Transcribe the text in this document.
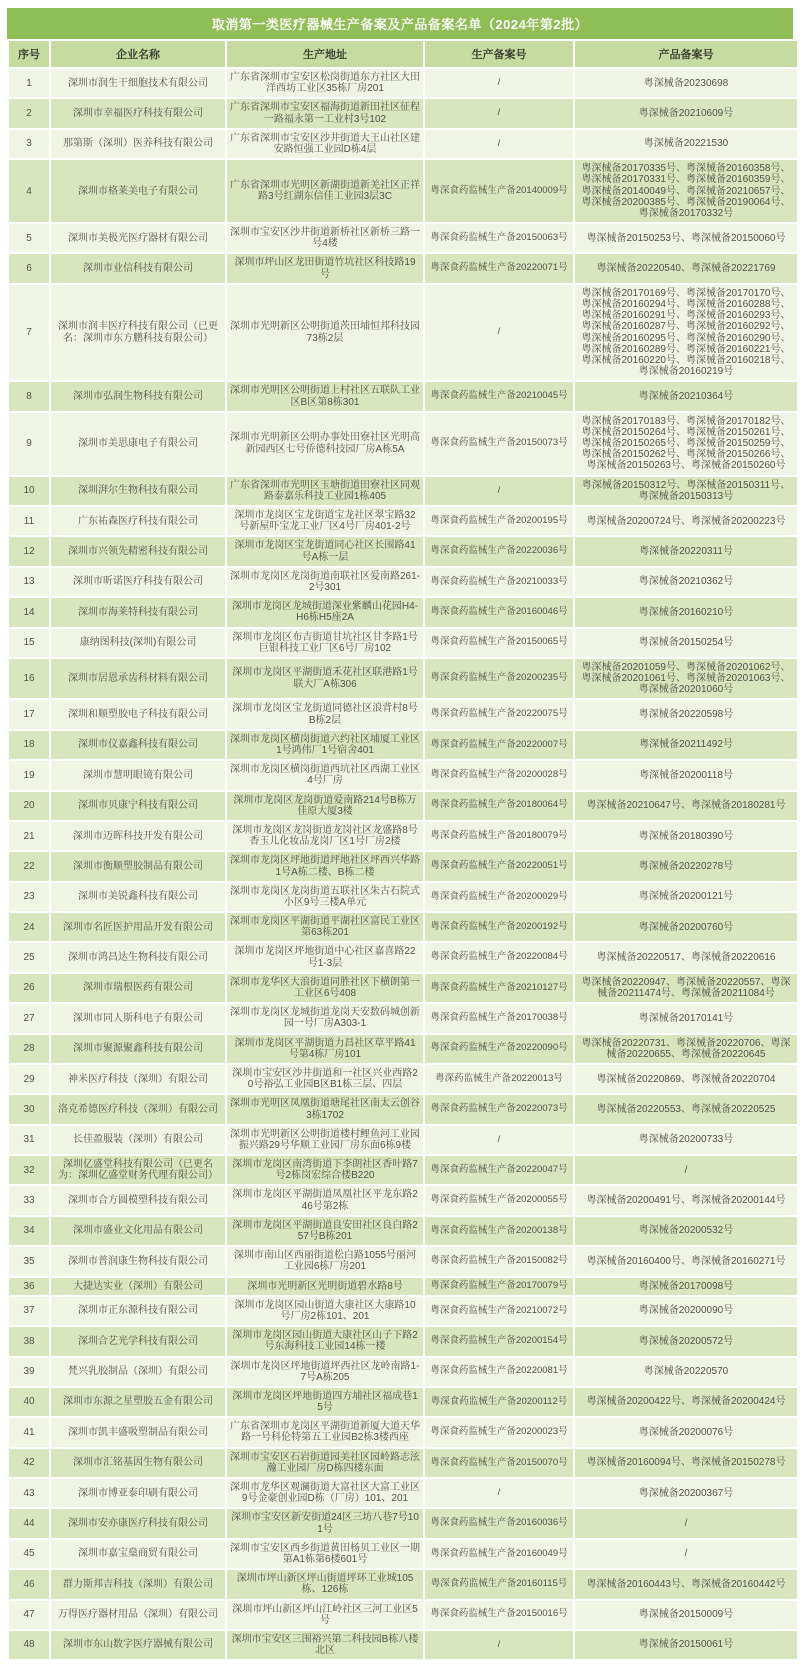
取消第一类医疗器械生产备案及产品备案名单（2024年第2批）
序号	企业名称	生产地址	生产备案号	产品备案号
1	深圳市润生干细胞技术有限公司	广东省深圳市宝安区松岗街道东方社区大田洋西坊工业区35栋厂房201	/	粤深械备20230698
2	深圳市幸福医疗科技有限公司	广东省深圳市宝安区福海街道新田社区征程一路福永第一工业村3号102	/	粤深械备20210609号
3	那第斯（深圳）医养科技有限公司	广东省深圳市宝安区沙井街道大王山社区建安路恒强工业园D栋4层	/	粤深械备20221530
4	深圳市格莱美电子有限公司	广东省深圳市光明区新湖街道新羌社区正祥路3号红湖东信佳工业园3层3C	粤深食药监械生产备20140009号	粤深械备20170335号、粤深械备20160358号、粤深械备20170331号、粤深械备20160359号、粤深械备20140049号、粤深械备20210657号、粤深械备20200385号、粤深械备20190064号、粤深械备20170332号
5	深圳市美极光医疗器材有限公司	深圳市宝安区沙井街道新桥社区新桥三路一号4楼	粤深食药监械生产备20150063号	粤深械备20150253号、粤深械备20150060号
6	深圳市业信科技有限公司	深圳市坪山区龙田街道竹坑社区科技路19号	粤深食药监械生产备20220071号	粤深械备20220540、粤深械备20221769
7	深圳市润丰医疗科技有限公司（已更名：深圳市东方鹏科技有限公司）	深圳市光明新区公明街道茨田埔恒邦科技园73栋2层	/	粤深械备20170169号、粤深械备20170170号、粤深械备20160294号、粤深械备20160288号、粤深械备20160291号、粤深械备20160293号、粤深械备20160287号、粤深械备20160292号、粤深械备20160295号、粤深械备20160290号、粤深械备20160289号、粤深械备20160221号、粤深械备20160220号、粤深械备20160218号、粤深械备20160219号
8	深圳市弘润生物科技有限公司	深圳市光明区公明街道上村社区五联队工业区B区第8栋301	粤深食药监械生产备20210045号	粤深械备20210364号
9	深圳市美思康电子有限公司	深圳市光明新区公明办事处田寮社区光明高新园西区七号侨德科技园厂房A栋5A	粤深食药监械生产备20150073号	粤深械备20170183号、粤深械备20170182号、粤深械备20150264号、粤深械备20150261号、粤深械备20150265号、粤深械备20150259号、粤深械备20150262号、粤深械备20150266号、粤深械备20150263号、粤深械备20150260号
10	深圳湃尔生物科技有限公司	广东省深圳市光明区玉塘街道田寮社区同观路泰嘉乐科技工业园1栋405	/	粤深械备20150312号、粤深械备20150311号、粤深械备20150313号
11	广东祐森医疗科技有限公司	深圳市龙岗区宝龙街道宝龙社区翠宝路32号新屋吓宝龙工业厂区4号厂房401-2号	粤深食药监械生产备20200195号	粤深械备20200724号、粤深械备20200223号
12	深圳市兴领先精密科技有限公司	深圳市龙岗区宝龙街道同心社区长围路41号A栋一层	粤深食药监械生产备20220036号	粤深械备20220311号
13	深圳市昕诺医疗科技有限公司	深圳市龙岗区龙岗街道南联社区爱南路261-2号301	粤深食药监械生产备20210033号	粤深械备20210362号
14	深圳市海莱特科技有限公司	深圳市龙岗区龙城街道深业紫麟山花园H4-H6栋H5座2A	粤深食药监械生产备20160046号	粤深械备20160210号
15	康纳图科技(深圳)有限公司	深圳市龙岗区布吉街道甘坑社区甘李路1号巨银科技工业厂区6号厂房102	粤深食药监械生产备20150065号	粤深械备20150254号
16	深圳市居恩承齿科材料有限公司	深圳市龙岗区平湖街道禾花社区联港路1号联大厂A栋306	粤深食药监械生产备20200235号	粤深械备20201059号、粤深械备20201062号、粤深械备20201061号、粤深械备20201063号、粤深械备20201060号
17	深圳和顺塑胶电子科技有限公司	深圳市龙岗区宝龙街道同德社区浪背村8号B栋2层	粤深食药监械生产备20220075号	粤深械备20220598号
18	深圳市仪嘉鑫科技有限公司	深圳市龙岗区横岗街道六约社区埔厦工业区1号鸿伟厂1号宿舍401	粤深食药监械生产备20220007号	粤深械备20211492号
19	深圳市慧明眼镜有限公司	深圳市龙岗区横岗街道西坑社区西湖工业区4号厂房	粤深食药监械生产备20200028号	粤深械备20200118号
20	深圳市贝康宁科技有限公司	深圳市龙岗区龙岗街道爱南路214号B栋万佳原大厦3楼	粤深食药监械生产备20180064号	粤深械备20210647号、粤深械备20180281号
21	深圳市迈晖科技开发有限公司	深圳市龙岗区龙岗街道龙岗社区龙盛路8号香玉儿化妆品龙岗厂区1号厂房2楼	粤深食药监械生产备20180079号	粤深械备20180390号
22	深圳市衡顺塑胶制品有限公司	深圳市龙岗区坪地街道坪地社区坪西兴华路1号A栋二楼、B栋二楼	粤深食药监械生产备20220051号	粤深械备20220278号
23	深圳市美锐鑫科技有限公司	深圳市龙岗区龙岗街道五联社区朱古石院式小区9号三楼A单元	粤深食药监械生产备20200029号	粤深械备20200121号
24	深圳市名匠医护用品开发有限公司	深圳市龙岗区平湖街道平湖社区富民工业区第63栋201	粤深食药监械生产备20200192号	粤深械备20200760号
25	深圳市鸿昌达生物科技有限公司	深圳市龙岗区坪地街道中心社区嘉喜路22号1-3层	粤深食药监械生产备20220084号	粤深械备20220517、粤深械备20220616
26	深圳市瑞根医药有限公司	深圳市龙华区大浪街道同胜社区下横朗第一工业区6号408	粤深食药监械生产备20210127号	粤深械备20220947、粤深械备20220557、粤深械备20211474号、粤深械备20211084号
27	深圳市同人斯科电子有限公司	深圳市龙岗区龙城街道龙岗天安数码城创新园一号厂房A303-1	粤深食药监械生产备20170038号	粤深械备20170141号
28	深圳市聚源聚鑫科技有限公司	深圳市龙岗区平湖街道力昌社区草平路41号第4栋厂房101	粤深食药监械生产备20220090号	粤深械备20220731、粤深械备20220706、粤深械备20220655、粤深械备20220645
29	神米医疗科技（深圳）有限公司	深圳市宝安区沙井街道和一社区兴业西路20号裕弘工业园B区B1栋三层、四层	粤深药监械生产备20220013号	粤深械备20220869、粤深械备20220704
30	洛克希德医疗科技（深圳）有限公司	深圳市光明区凤凰街道塘尾社区南太云创谷3栋1702	粤深食药监械生产备20220073号	粤深械备20220553、粤深械备20220525
31	长佳盈服装（深圳）有限公司	深圳市光明新区公明街道楼村鲤鱼河工业园振兴路29号华顺工业园厂房东面6栋9楼	/	粤深械备20200733号
32	深圳亿盛堂科技有限公司（已更名为：深圳亿盛堂财务代理有限公司）	深圳市龙岗区南湾街道下李朗社区香叶路7号2栋岗宏综合楼B220	粤深食药监械生产备20220047号	/
33	深圳市合方圆模塑科技有限公司	深圳市龙岗区平湖街道凤凰社区平龙东路246号第2栋	粤深食药监械生产备20200055号	粤深械备20200491号、粤深械备20200144号
34	深圳市盛业文化用品有限公司	深圳市龙岗区平湖街道良安田社区良白路257号B栋201	粤深食药监械生产备20200138号	粤深械备20200532号
35	深圳市普润康生物科技有限公司	深圳市南山区西丽街道松白路1055号丽河工业园6栋厂房201	粤深食药监械生产备20150082号	粤深械备20160400号、粤深械备20160271号
36	大捷达实业（深圳）有限公司	深圳市光明新区光明街道碧水路8号	粤深食药监械生产备20170079号	粤深械备20170098号
37	深圳市正东源科技有限公司	深圳市龙岗区园山街道大康社区大康路10号厂房2栋101、201	粤深食药监械生产备20210072号	粤深械备20200090号
38	深圳合艺光学科技有限公司	深圳市龙岗区园山街道大康社区山子下路2号东海科技工业园14栋一楼	粤深食药监械生产备20200154号	粤深械备20200572号
39	梵兴乳胶制品（深圳）有限公司	深圳市龙岗区坪地街道坪西社区龙岭南路1-7号A栋205	粤深食药监械生产备20220081号	粤深械备20220570
40	深圳市东源之星塑胶五金有限公司	深圳市龙岗区坪地街道四方埔社区福成巷15号	粤深食药监械生产备20200112号	粤深械备20200422号、粤深械备20200424号
41	深圳市凯丰盛吸塑制品有限公司	广东省深圳市龙岗区平湖街道新厦大道天华路一号科伦特第五工业园B2栋3楼西座	粤深食药监械生产备20200023号	粤深械备20200076号
42	深圳市汇铭基因生物有限公司	深圳市宝安区石岩街道园美社区园岭路志泫瀚工业园厂房D栋四楼东面	粤深食药监械生产备20150070号	粤深械备20160094号、粤深械备20150278号
43	深圳市博亚泰印刷有限公司	深圳市龙华区观澜街道大富社区大富工业区9号金豪创业园D栋（厂房）101、201	/	粤深械备20200367号
44	深圳市安亦康医疗科技有限公司	深圳市宝安区新安街道24区三坊八巷7号101号	粤深食药监械生产备20160036号	/
45	深圳市嘉宝燊商贸有限公司	深圳市宝安区西乡街道黄田杨贝工业区一期第A1栋第6楼601号	粤深食药监械生产备20160049号	/
46	群力斯邦吉科技（深圳）有限公司	深圳市坪山新区坪山街道坪环工业城105栋、126栋	粤深食药监械生产备20160115号	粤深械备20160443号、粤深械备20160442号
47	万得医疗器材用品（深圳）有限公司	深圳市坪山新区坪山江岭社区三河工业区5号	粤深食药监械生产备20150016号	粤深械备20150009号
48	深圳市东山数字医疗器械有限公司	深圳市宝安区三围裕兴第二科技园B栋八楼北区	/	粤深械备20150061号
